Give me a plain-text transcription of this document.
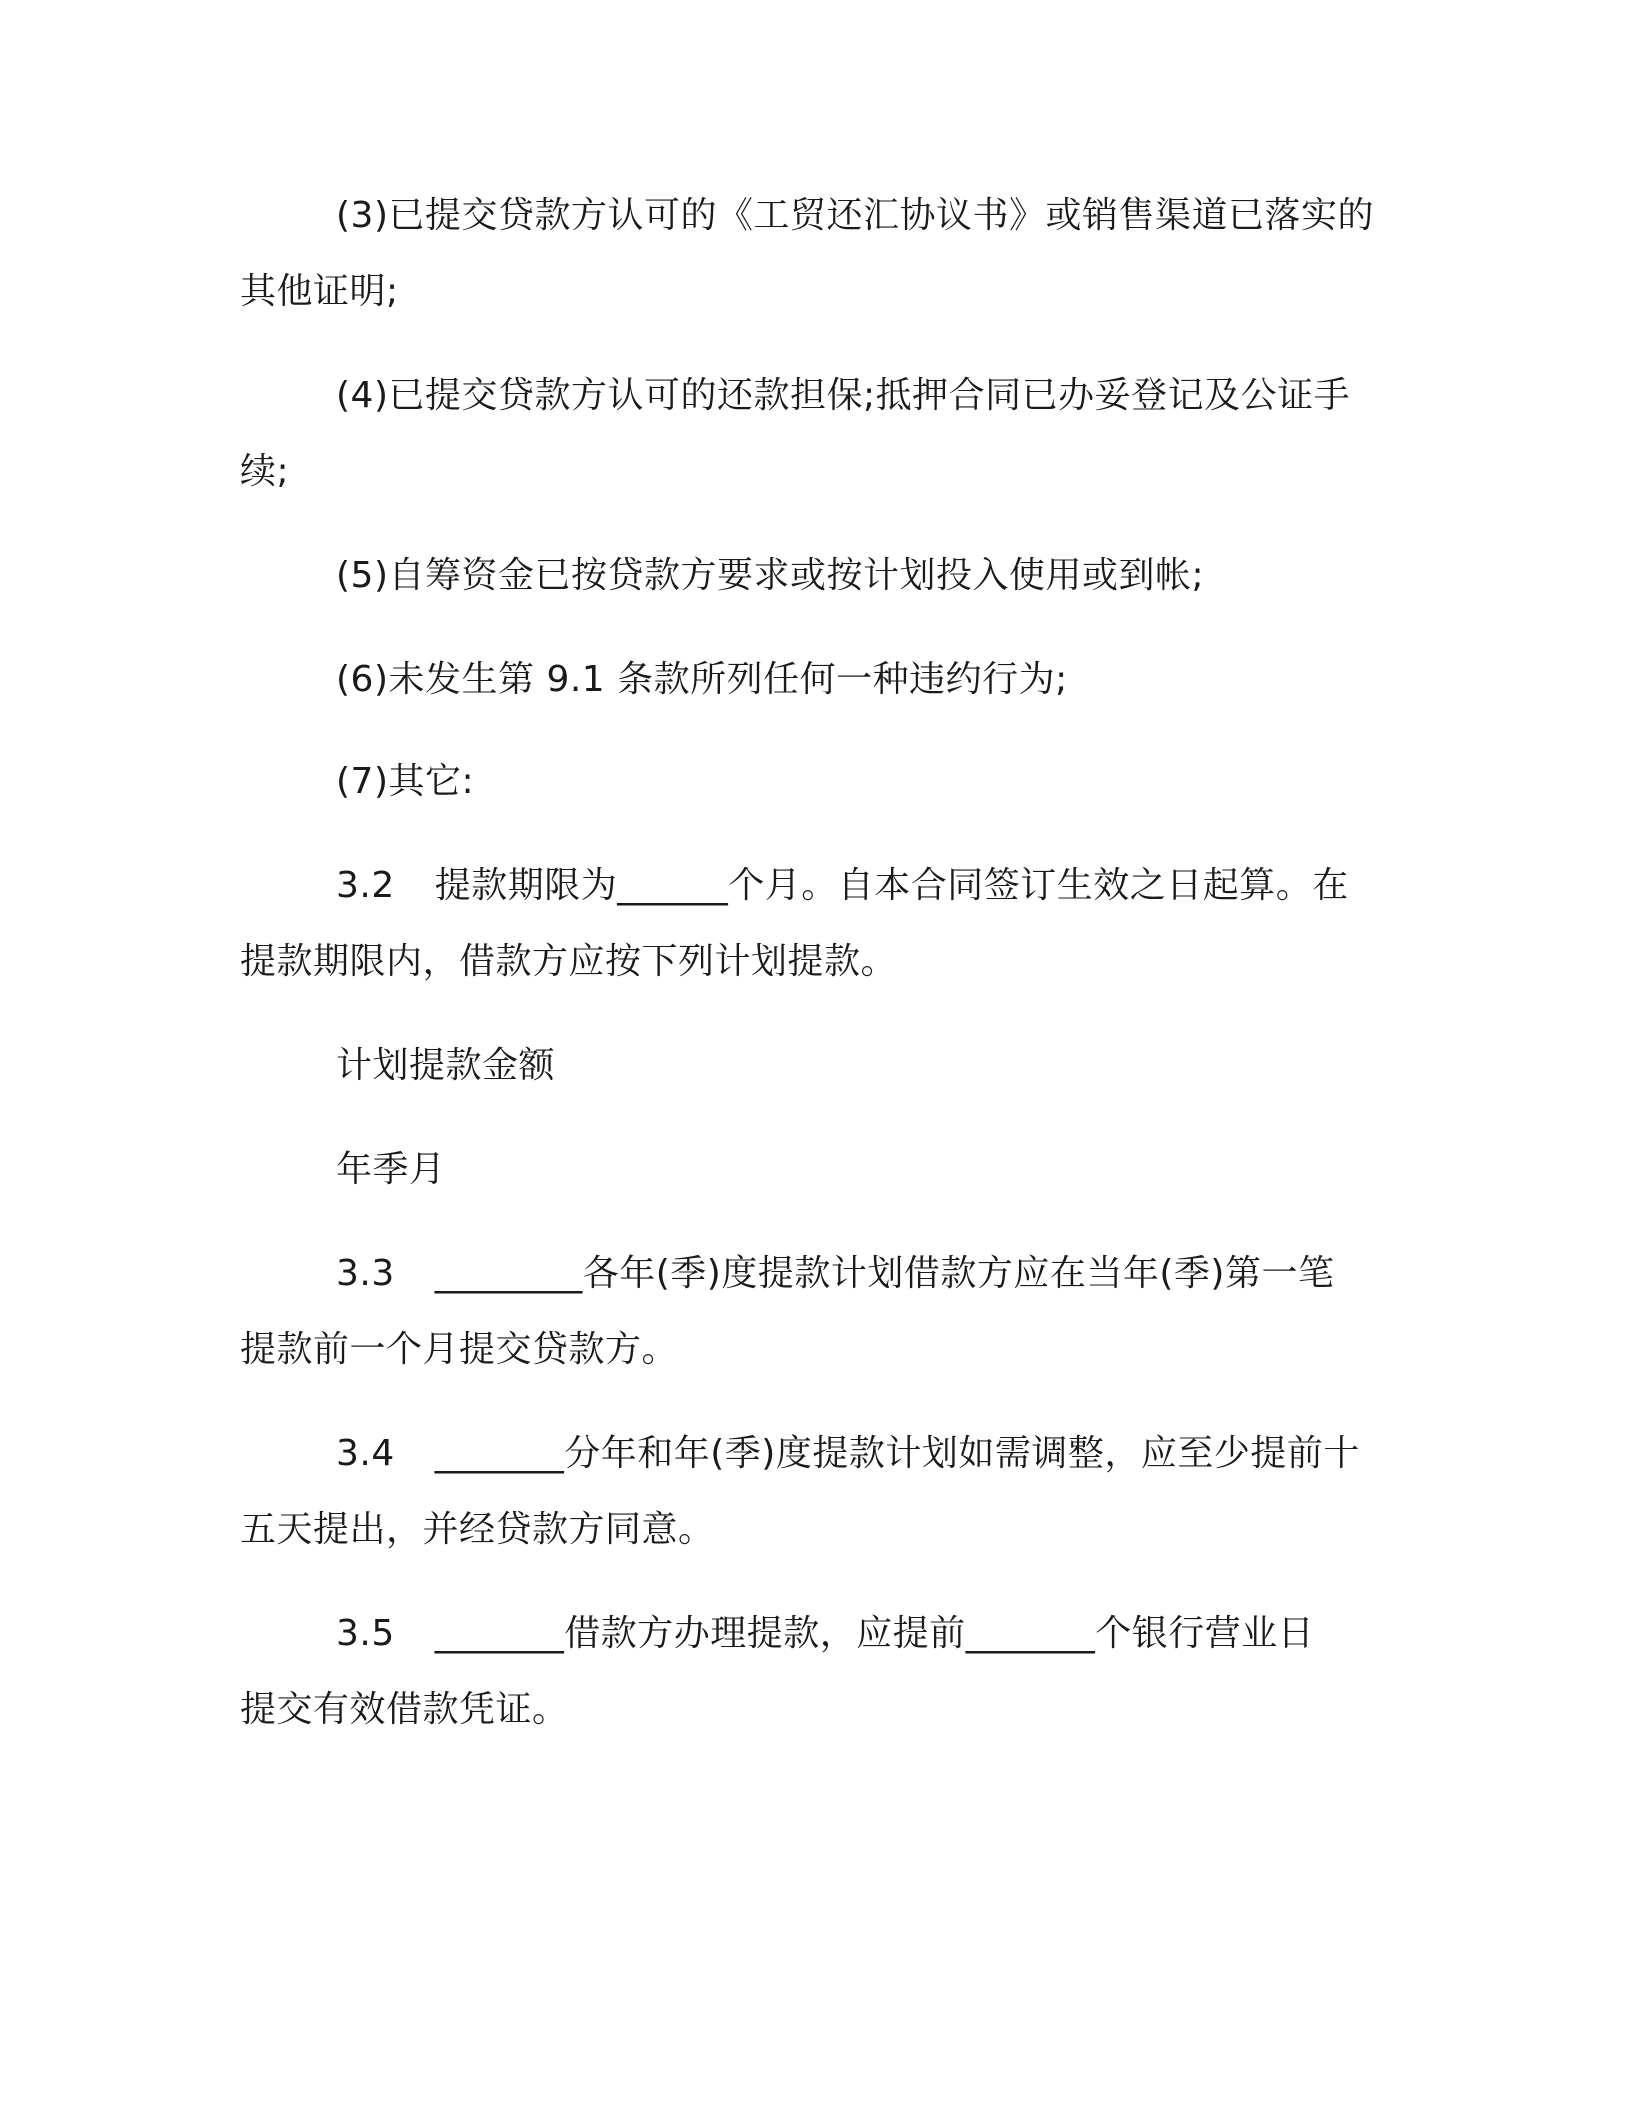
(3)已提交贷款方认可的《工贸还汇协议书》或销售渠道已落实的
其他证明;

(4)已提交贷款方认可的还款担保;抵押合同已办妥登记及公证手
续;

(5)自筹资金已按贷款方要求或按计划投入使用或到帐;

(6)未发生第 9.1 条款所列任何一种违约行为;

(7)其它:

3.2 提款期限为______个月。自本合同签订生效之日起算。在
提款期限内，借款方应按下列计划提款。

计划提款金额

年季月

3.3 ________各年(季)度提款计划借款方应在当年(季)第一笔
提款前一个月提交贷款方。

3.4 _______分年和年(季)度提款计划如需调整，应至少提前十
五天提出，并经贷款方同意。

3.5 _______借款方办理提款，应提前_______个银行营业日
提交有效借款凭证。
